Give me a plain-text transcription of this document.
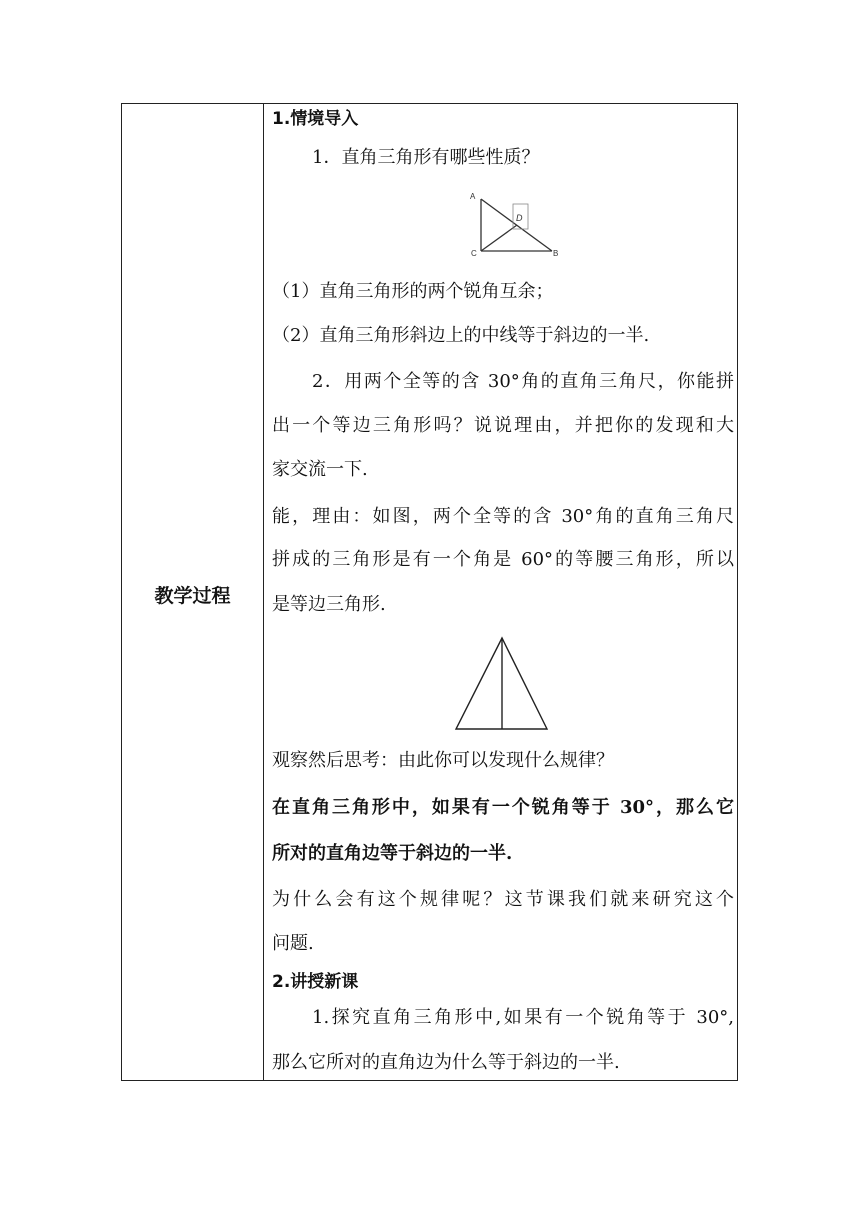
教学过程
1.情境导入
1．直角三角形有哪些性质？
A
C	B
D
（1）直角三角形的两个锐角互余；
（2）直角三角形斜边上的中线等于斜边的一半.
2．用两个全等的含 30°角的直角三角尺，你能拼
出一个等边三角形吗？说说理由，并把你的发现和大
家交流一下.
能，理由：如图，两个全等的含 30°角的直角三角尺
拼成的三角形是有一个角是 60°的等腰三角形，所以
是等边三角形.
观察然后思考：由此你可以发现什么规律？
在直角三角形中，如果有一个锐角等于 30°，那么它
所对的直角边等于斜边的一半.
为什么会有这个规律呢？这节课我们就来研究这个
问题.
2.讲授新课
1.探究直角三角形中,如果有一个锐角等于 30°,
那么它所对的直角边为什么等于斜边的一半.
